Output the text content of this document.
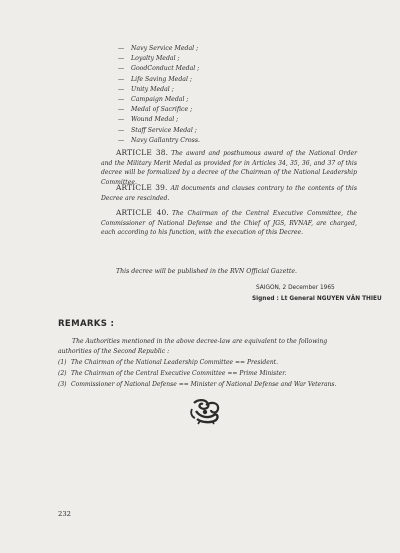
— Navy Service Medal ;
— Loyalty Medal ;
— GoodConduct Medal ;
— Life Saving Medal ;
— Unity Medal ;
— Campaign Medal ;
— Medal of Sacrifice ;
— Wound Medal ;
— Staff Service Medal ;
— Navy Gallantry Cross.
ARTICLE 38. The award and posthumous award of the National Order and the Military Merit Medal as provided for in Articles 34, 35, 36, and 37 of this decree will be formalized by a decree of the Chairman of the National Leadership Committee.
ARTICLE 39. All documents and clauses contrary to the contents of this Decree are rescinded.
ARTICLE 40. The Chairman of the Central Executive Committee, the Commissioner of National Defense and the Chief of JGS, RVNAF, are charged, each according to his function, with the execution of this Decree.
This decree will be published in the RVN Official Gazette.
SAIGON, 2 December 1965
Signed : Lt General NGUYEN VĂN THIEU
REMARKS :
The Authorities mentioned in the above decree-law are equivalent to the following authorities of the Second Republic :
(1) The Chairman of the National Leadership Committee == President.
(2) The Chairman of the Central Executive Committee == Prime Minister.
(3) Commissioner of National Defense == Minister of National Defense and War Veterans.
232
